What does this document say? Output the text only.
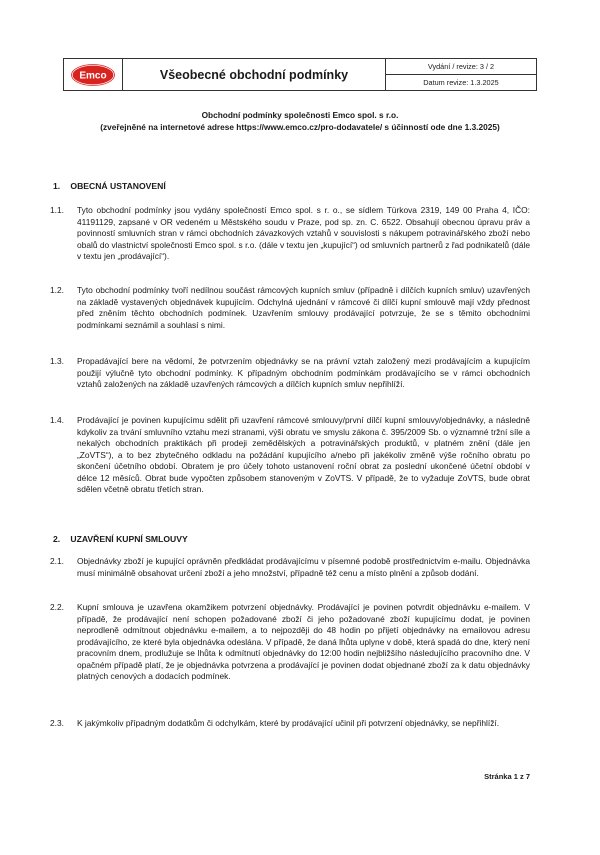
Emco	Všeobecné obchodní podmínky
Vydání / revize: 3 / 2
Datum revize: 1.3.2025

Obchodní podmínky společnosti Emco spol. s r.o.

(zveřejněné na internetové adrese https://www.emco.cz/pro-dodavatele/ s účinností ode dne 1.3.2025)

1. OBECNÁ USTANOVENÍ
1.1.	Tyto obchodní podmínky jsou vydány společností Emco spol. s r. o., se sídlem Türkova 2319, 149 00 Praha 4, IČO: 41191129, zapsané v OR vedeném u Městského soudu v Praze, pod sp. zn. C. 6522. Obsahují obecnou úpravu práv a povinností smluvních stran v rámci obchodních závazkových vztahů v souvislosti s nákupem potravinářského zboží nebo obalů do vlastnictví společnosti Emco spol. s r.o. (dále v textu jen „kupující“) od smluvních partnerů z řad podnikatelů (dále v textu jen „prodávající“).
1.2.	Tyto obchodní podmínky tvoří nedílnou součást rámcových kupních smluv (případně i dílčích kupních smluv) uzavřených na základě vystavených objednávek kupujícím. Odchylná ujednání v rámcové či dílčí kupní smlouvě mají vždy přednost před zněním těchto obchodních podmínek. Uzavřením smlouvy prodávající potvrzuje, že se s těmito obchodními podmínkami seznámil a souhlasí s nimi.
1.3.	Propadávající bere na vědomí, že potvrzením objednávky se na právní vztah založený mezi prodávajícím a kupujícím použijí výlučně tyto obchodní podmínky. K případným obchodním podmínkám prodávajícího se v rámci obchodních vztahů založených na základě uzavřených rámcových a dílčích kupních smluv nepřihlíží.
1.4.	Prodávající je povinen kupujícímu sdělit při uzavření rámcové smlouvy/první dílčí kupní smlouvy/objednávky, a následně kdykoliv za trvání smluvního vztahu mezi stranami, výši obratu ve smyslu zákona č. 395/2009 Sb. o významné tržní síle a nekalých obchodních praktikách při prodeji zemědělských a potravinářských produktů, v platném znění (dále jen „ZoVTS“), a to bez zbytečného odkladu na požádání kupujícího a/nebo při jakékoliv změně výše ročního obratu po skončení účetního období. Obratem je pro účely tohoto ustanovení roční obrat za poslední ukončené účetní období v délce 12 měsíců. Obrat bude vypočten způsobem stanoveným v ZoVTS. V případě, že to vyžaduje ZoVTS, bude obrat sdělen včetně obratu třetích stran.
2. UZAVŘENÍ KUPNÍ SMLOUVY
2.1.	Objednávky zboží je kupující oprávněn předkládat prodávajícímu v písemné podobě prostřednictvím e-mailu. Objednávka musí minimálně obsahovat určení zboží a jeho množství, případně též cenu a místo plnění a způsob dodání.
2.2.	Kupní smlouva je uzavřena okamžikem potvrzení objednávky. Prodávající je povinen potvrdit objednávku e-mailem. V případě, že prodávající není schopen požadované zboží či jeho požadované zboží kupujícímu dodat, je povinen neprodleně odmítnout objednávku e-mailem, a to nejpozději do 48 hodin po přijetí objednávky na emailovou adresu prodávajícího, ze které byla objednávka odeslána. V případě, že daná lhůta uplyne v době, která spadá do dne, který není pracovním dnem, prodlužuje se lhůta k odmítnutí objednávky do 12:00 hodin nejbližšího následujícího pracovního dne. V opačném případě platí, že je objednávka potvrzena a prodávající je povinen dodat objednané zboží za k datu objednávky platných cenových a dodacích podmínek.
2.3.	K jakýmkoliv případným dodatkům či odchylkám, které by prodávající učinil při potvrzení objednávky, se nepřihlíží.
Stránka 1 z 7
